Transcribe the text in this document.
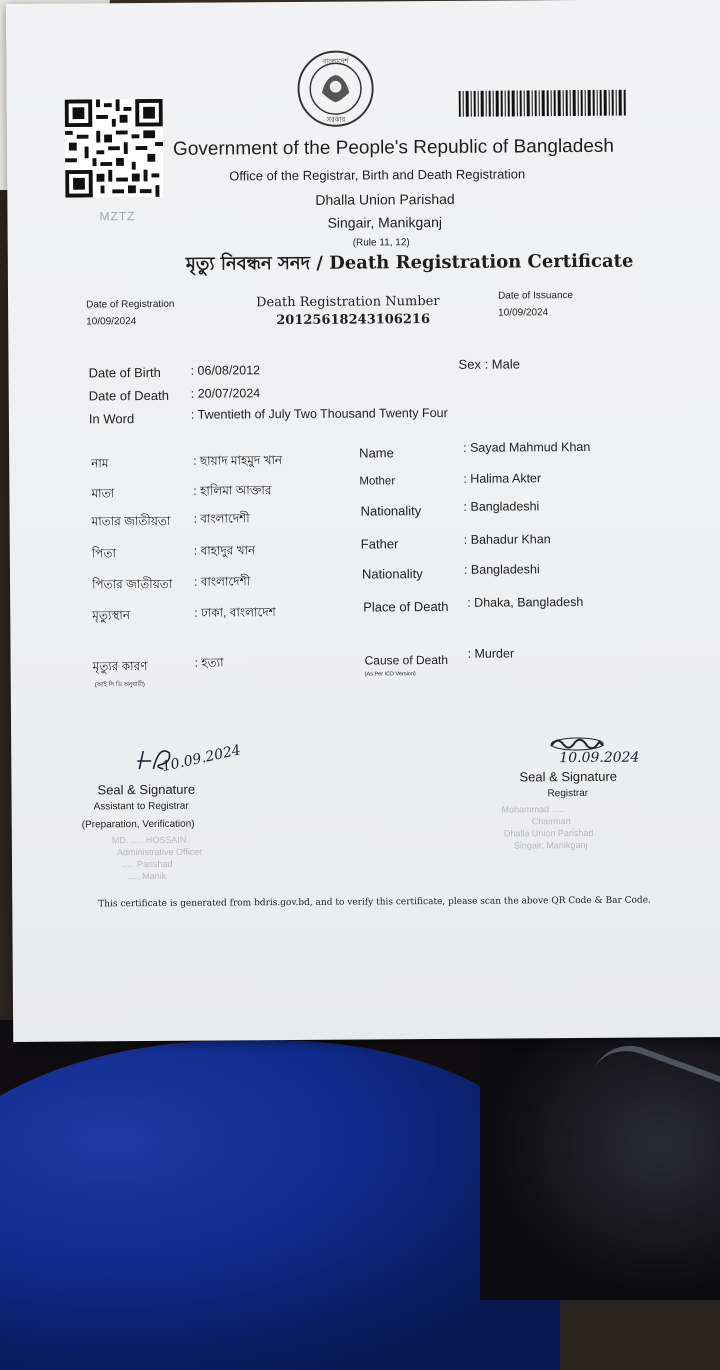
MZTZ
বাংলাদেশ
সরকার
Government of the People's Republic of Bangladesh
Office of the Registrar, Birth and Death Registration
Dhalla Union Parishad
Singair, Manikganj
(Rule 11, 12)
মৃত্যু নিবন্ধন সনদ / Death Registration Certificate
Date of Registration
10/09/2024
Death Registration Number
20125618243106216
Date of Issuance
10/09/2024
Date of Birth : 06/08/2012
Date of Death : 20/07/2024
In Word	: Twentieth of July Two Thousand Twenty Four
Sex : Male
নাম	: ছায়াদ মাহমুদ খান
মাতা	: হালিমা আক্তার
মাতার জাতীয়তা : বাংলাদেশী
পিতা	: বাহাদুর খান
পিতার জাতীয়তা : বাংলাদেশী
মৃত্যুস্থান	: ঢাকা, বাংলাদেশ
মৃত্যুর কারণ	: হত্যা
(আই সি ডি অনুযায়ী)
Name	: Sayad Mahmud Khan
Mother	: Halima Akter
Nationality	: Bangladeshi
Father	: Bahadur Khan
Nationality	: Bangladeshi
Place of Death : Dhaka, Bangladesh
Cause of Death : Murder
(As Per ICD Version)
10.09.2024
Seal & Signature
Assistant to Registrar
(Preparation, Verification)
MD. ..... HOSSAIN
Administrative Officer
..... Parishad
..... Manik
10.09.2024
Seal & Signature
Registrar
Mohammad .....
Chairman
Dhalla Union Parishad
Singair, Manikganj
This certificate is generated from bdris.gov.bd, and to verify this certificate, please scan the above QR Code & Bar Code.
